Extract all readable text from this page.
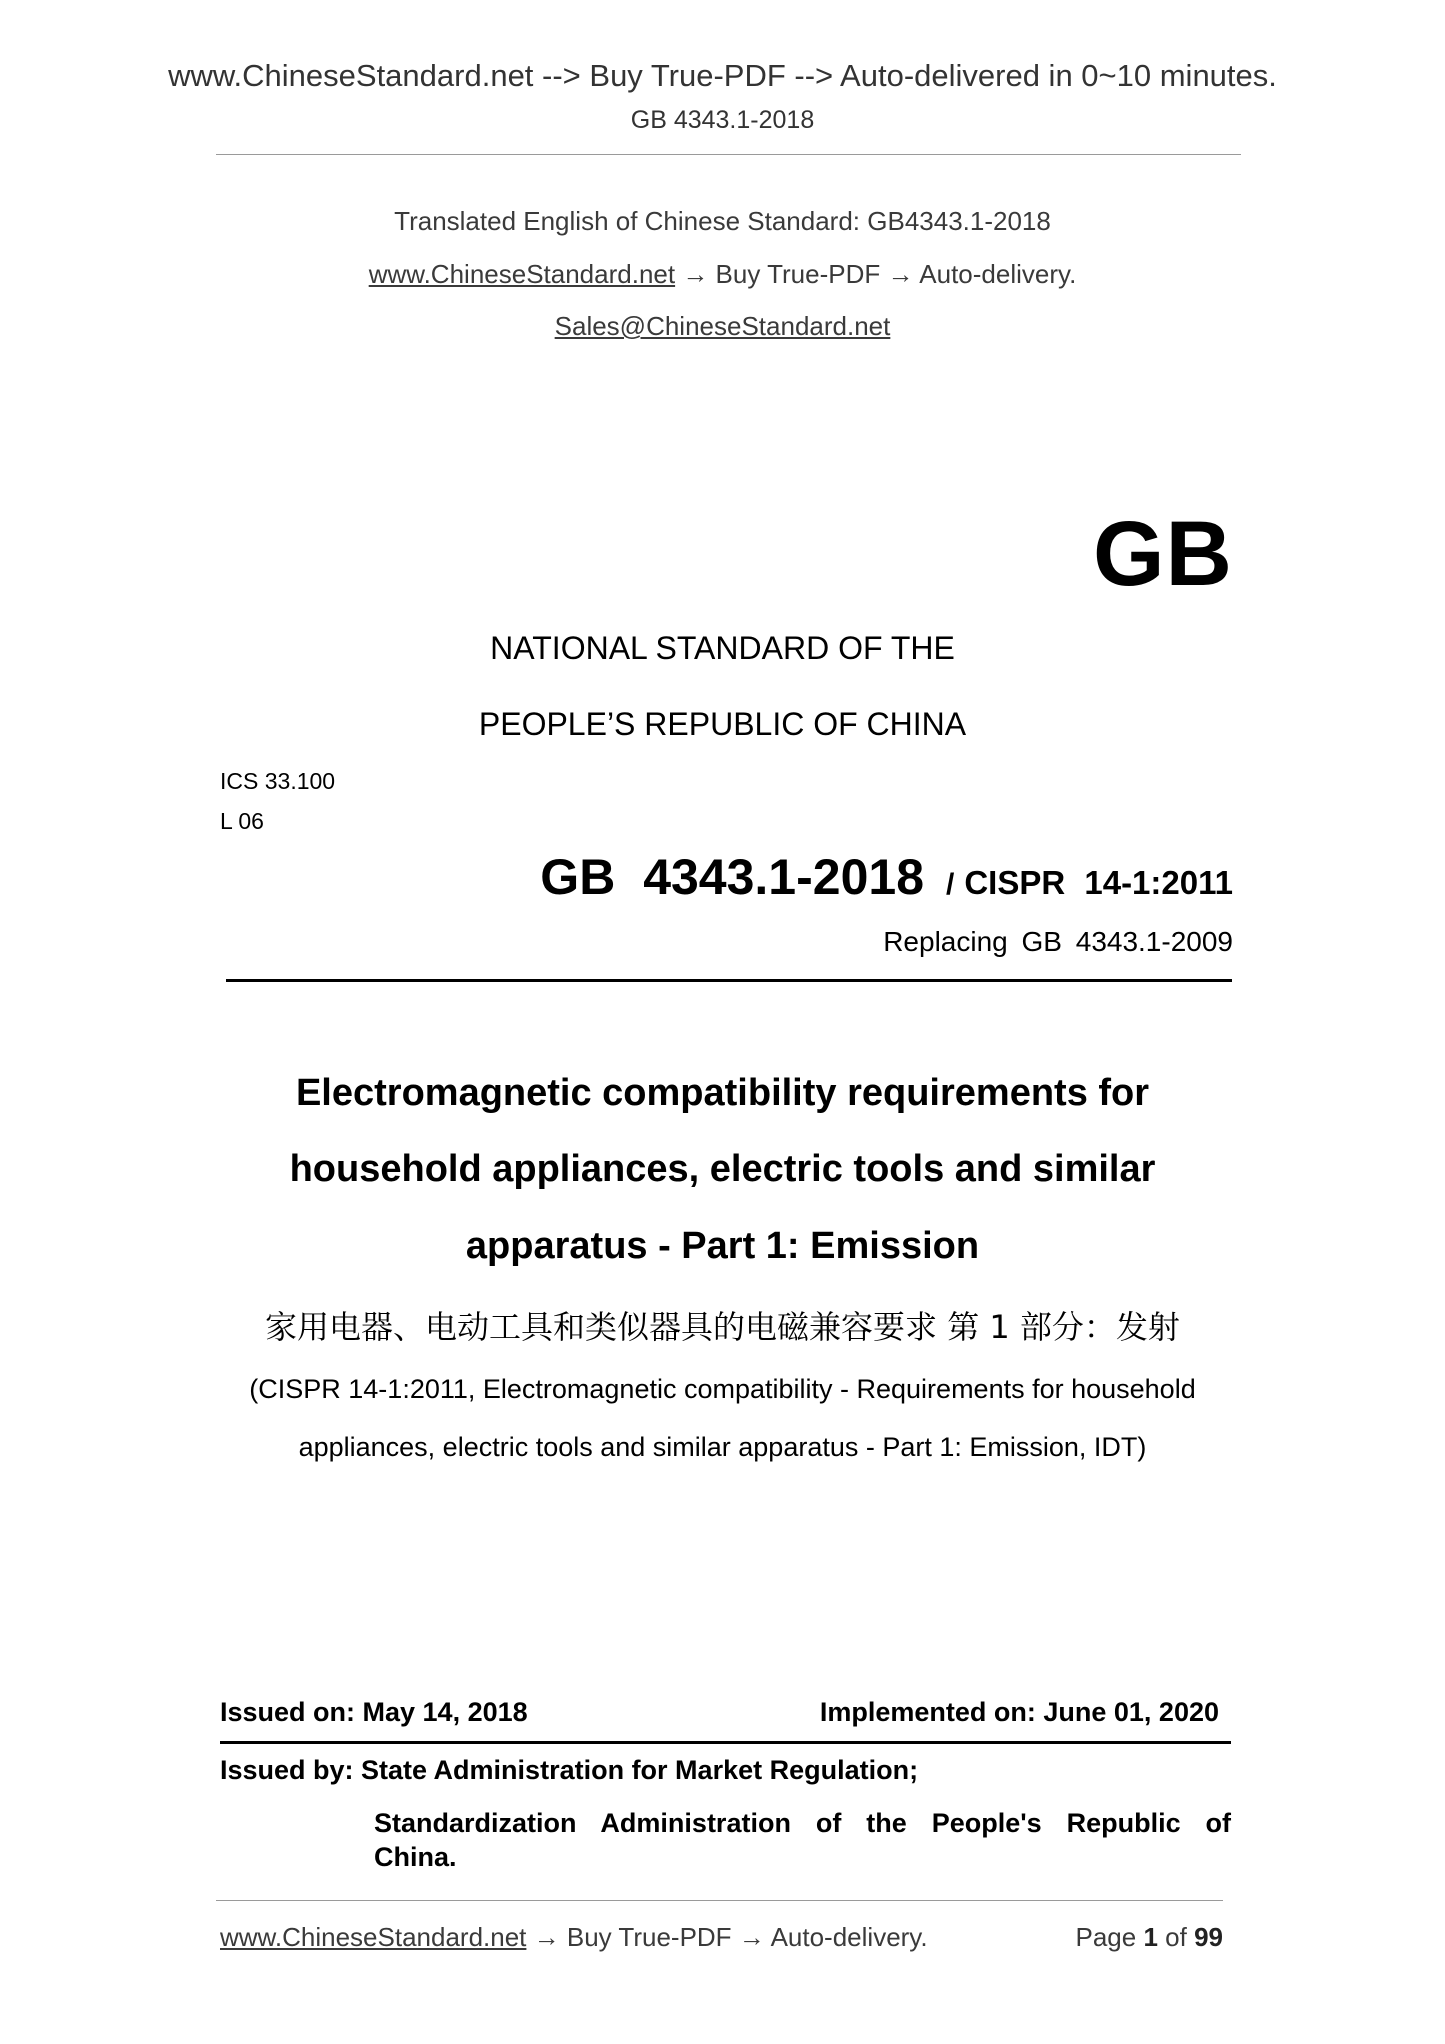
www.ChineseStandard.net --> Buy True-PDF --> Auto-delivered in 0~10 minutes.
GB 4343.1-2018
Translated English of Chinese Standard: GB4343.1-2018
www.ChineseStandard.net → Buy True-PDF → Auto-delivery.
Sales@ChineseStandard.net
GB
NATIONAL STANDARD OF THE
PEOPLE’S REPUBLIC OF CHINA
ICS 33.100
L 06
GB 4343.1-2018 / CISPR 14-1:2011
Replacing GB 4343.1-2009
Electromagnetic compatibility requirements for
household appliances, electric tools and similar
apparatus - Part 1: Emission
家用电器、电动工具和类似器具的电磁兼容要求 第 1 部分：发射
(CISPR 14-1:2011, Electromagnetic compatibility - Requirements for household
appliances, electric tools and similar apparatus - Part 1: Emission, IDT)
Issued on: May 14, 2018	Implemented on: June 01, 2020
Issued by: State Administration for Market Regulation;
Standardization Administration of the People's Republic of
China.
www.ChineseStandard.net → Buy True-PDF → Auto-delivery.	Page 1 of 99
